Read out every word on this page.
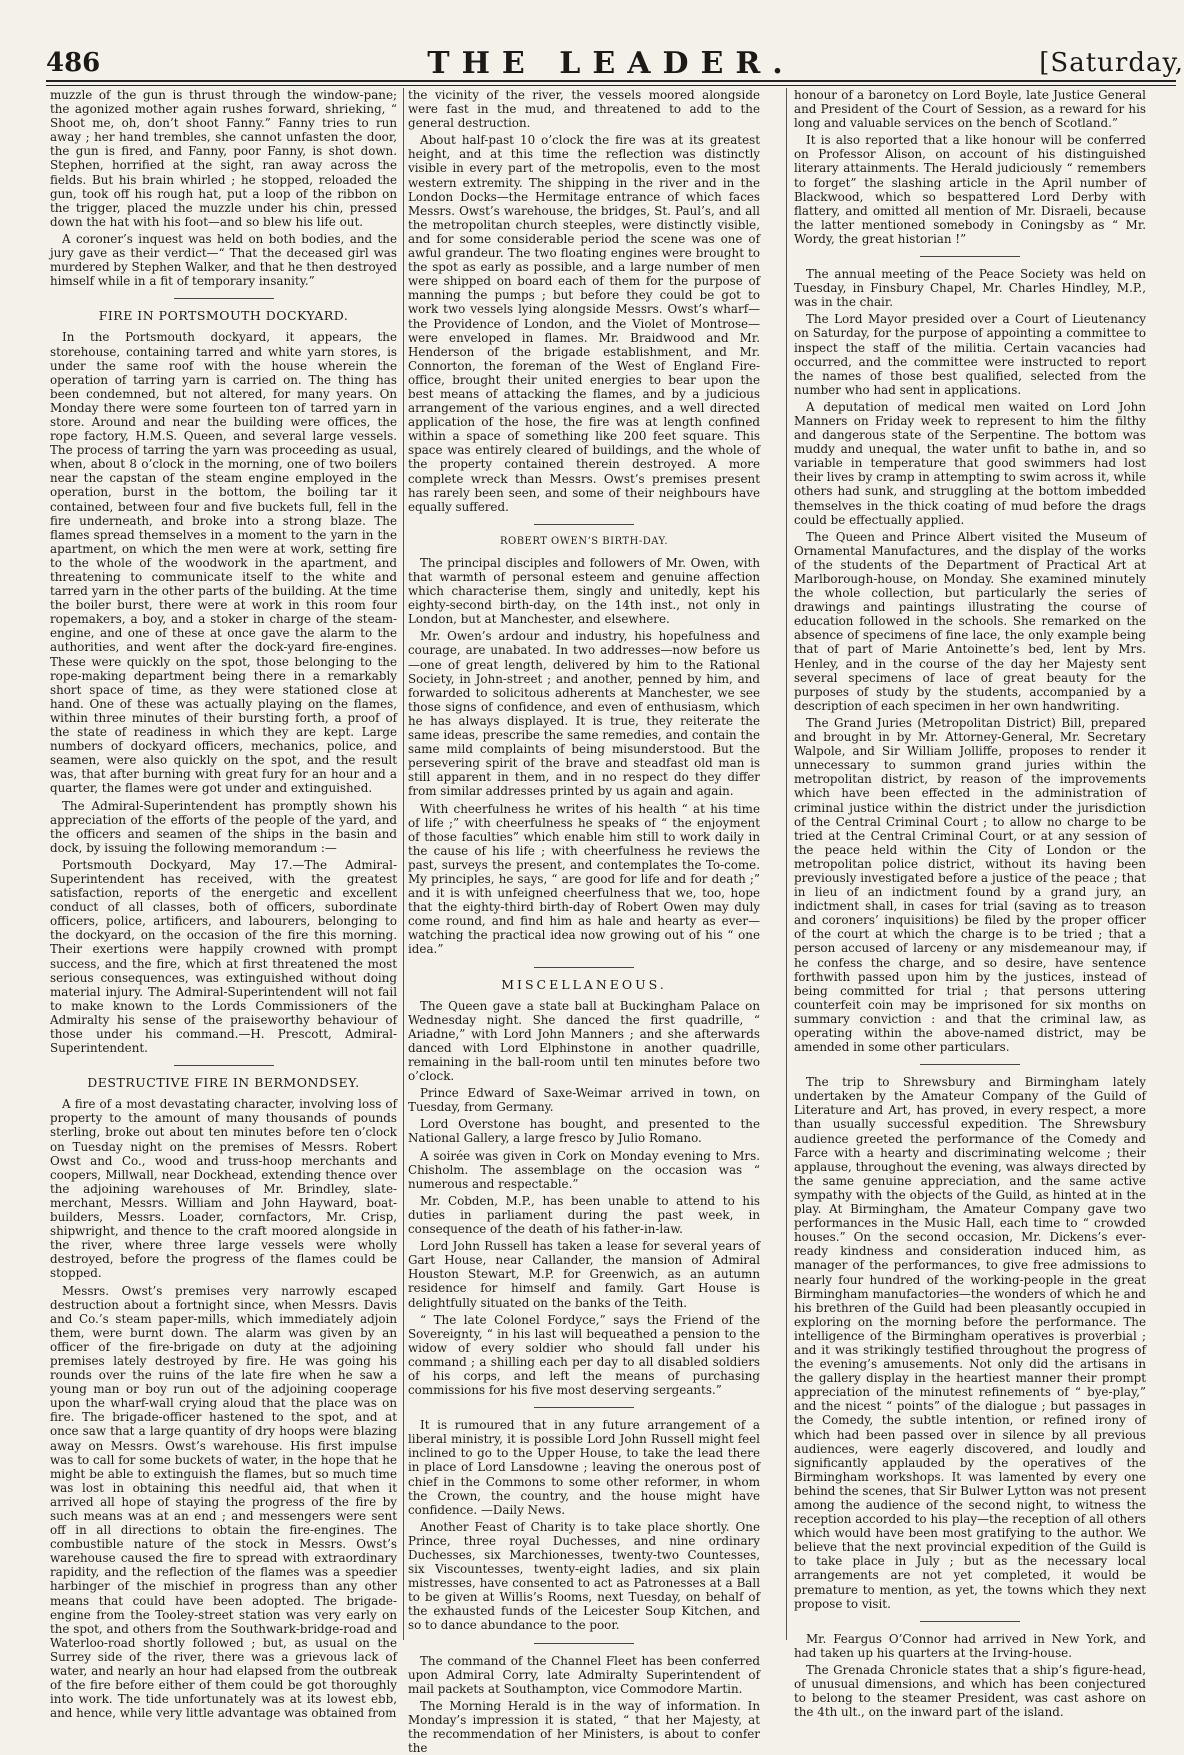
486	THE LEADER.	[Saturday,

muzzle of the gun is thrust through the window-pane; the agonized mother again rushes forward, shrieking, “ Shoot me, oh, don’t shoot Fanny.” Fanny tries to run away ; her hand trembles, she cannot unfasten the door, the gun is fired, and Fanny, poor Fanny, is shot down. Stephen, horrified at the sight, ran away across the fields. But his brain whirled ; he stopped, reloaded the gun, took off his rough hat, put a loop of the ribbon on the trigger, placed the muzzle under his chin, pressed down the hat with his foot—and so blew his life out.

A coroner’s inquest was held on both bodies, and the jury gave as their verdict—“ That the deceased girl was murdered by Stephen Walker, and that he then destroyed himself while in a fit of temporary insanity.”

FIRE IN PORTSMOUTH DOCKYARD.

In the Portsmouth dockyard, it appears, the storehouse, containing tarred and white yarn stores, is under the same roof with the house wherein the operation of tarring yarn is carried on. The thing has been condemned, but not altered, for many years. On Monday there were some fourteen ton of tarred yarn in store. Around and near the building were offices, the rope factory, H.M.S. Queen, and several large vessels. The process of tarring the yarn was proceeding as usual, when, about 8 o’clock in the morning, one of two boilers near the capstan of the steam engine employed in the operation, burst in the bottom, the boiling tar it contained, between four and five buckets full, fell in the fire underneath, and broke into a strong blaze. The flames spread themselves in a moment to the yarn in the apartment, on which the men were at work, setting fire to the whole of the woodwork in the apartment, and threatening to communicate itself to the white and tarred yarn in the other parts of the building. At the time the boiler burst, there were at work in this room four ropemakers, a boy, and a stoker in charge of the steam-engine, and one of these at once gave the alarm to the authorities, and went after the dock-yard fire-engines. These were quickly on the spot, those belonging to the rope-making department being there in a remarkably short space of time, as they were stationed close at hand. One of these was actually playing on the flames, within three minutes of their bursting forth, a proof of the state of readiness in which they are kept. Large numbers of dockyard officers, mechanics, police, and seamen, were also quickly on the spot, and the result was, that after burning with great fury for an hour and a quarter, the flames were got under and extinguished.

The Admiral-Superintendent has promptly shown his appreciation of the efforts of the people of the yard, and the officers and seamen of the ships in the basin and dock, by issuing the following memorandum :—

Portsmouth Dockyard, May 17.—The Admiral-Superintendent has received, with the greatest satisfaction, reports of the energetic and excellent conduct of all classes, both of officers, subordinate officers, police, artificers, and labourers, belonging to the dockyard, on the occasion of the fire this morning. Their exertions were happily crowned with prompt success, and the fire, which at first threatened the most serious consequences, was extinguished without doing material injury. The Admiral-Superintendent will not fail to make known to the Lords Commissioners of the Admiralty his sense of the praiseworthy behaviour of those under his command.—H. Prescott, Admiral-Superintendent.

DESTRUCTIVE FIRE IN BERMONDSEY.

A fire of a most devastating character, involving loss of property to the amount of many thousands of pounds sterling, broke out about ten minutes before ten o’clock on Tuesday night on the premises of Messrs. Robert Owst and Co., wood and truss-hoop merchants and coopers, Millwall, near Dockhead, extending thence over the adjoining warehouses of Mr. Brindley, slate-merchant, Messrs. William and John Hayward, boat-builders, Messrs. Loader, cornfactors, Mr. Crisp, shipwright, and thence to the craft moored alongside in the river, where three large vessels were wholly destroyed, before the progress of the flames could be stopped.

Messrs. Owst’s premises very narrowly escaped destruction about a fortnight since, when Messrs. Davis and Co.’s steam paper-mills, which immediately adjoin them, were burnt down. The alarm was given by an officer of the fire-brigade on duty at the adjoining premises lately destroyed by fire. He was going his rounds over the ruins of the late fire when he saw a young man or boy run out of the adjoining cooperage upon the wharf-wall crying aloud that the place was on fire. The brigade-officer hastened to the spot, and at once saw that a large quantity of dry hoops were blazing away on Messrs. Owst’s warehouse. His first impulse was to call for some buckets of water, in the hope that he might be able to extinguish the flames, but so much time was lost in obtaining this needful aid, that when it arrived all hope of staying the progress of the fire by such means was at an end ; and messengers were sent off in all directions to obtain the fire-engines. The combustible nature of the stock in Messrs. Owst’s warehouse caused the fire to spread with extraordinary rapidity, and the reflection of the flames was a speedier harbinger of the mischief in progress than any other means that could have been adopted. The brigade-engine from the Tooley-street station was very early on the spot, and others from the Southwark-bridge-road and Waterloo-road shortly followed ; but, as usual on the Surrey side of the river, there was a grievous lack of water, and nearly an hour had elapsed from the outbreak of the fire before either of them could be got thoroughly into work. The tide unfortunately was at its lowest ebb, and hence, while very little advantage was obtained from

the vicinity of the river, the vessels moored alongside were fast in the mud, and threatened to add to the general destruction.

About half-past 10 o’clock the fire was at its greatest height, and at this time the reflection was distinctly visible in every part of the metropolis, even to the most western extremity. The shipping in the river and in the London Docks—the Hermitage entrance of which faces Messrs. Owst’s warehouse, the bridges, St. Paul’s, and all the metropolitan church steeples, were distinctly visible, and for some considerable period the scene was one of awful grandeur. The two floating engines were brought to the spot as early as possible, and a large number of men were shipped on board each of them for the purpose of manning the pumps ; but before they could be got to work two vessels lying alongside Messrs. Owst’s wharf—the Providence of London, and the Violet of Montrose—were enveloped in flames. Mr. Braidwood and Mr. Henderson of the brigade establishment, and Mr. Connorton, the foreman of the West of England Fire-office, brought their united energies to bear upon the best means of attacking the flames, and by a judicious arrangement of the various engines, and a well directed application of the hose, the fire was at length confined within a space of something like 200 feet square. This space was entirely cleared of buildings, and the whole of the property contained therein destroyed. A more complete wreck than Messrs. Owst’s premises present has rarely been seen, and some of their neighbours have equally suffered.

ROBERT OWEN’S BIRTH-DAY.

The principal disciples and followers of Mr. Owen, with that warmth of personal esteem and genuine affection which characterise them, singly and unitedly, kept his eighty-second birth-day, on the 14th inst., not only in London, but at Manchester, and elsewhere.

Mr. Owen’s ardour and industry, his hopefulness and courage, are unabated. In two addresses—now before us—one of great length, delivered by him to the Rational Society, in John-street ; and another, penned by him, and forwarded to solicitous adherents at Manchester, we see those signs of confidence, and even of enthusiasm, which he has always displayed. It is true, they reiterate the same ideas, prescribe the same remedies, and contain the same mild complaints of being misunderstood. But the persevering spirit of the brave and steadfast old man is still apparent in them, and in no respect do they differ from similar addresses printed by us again and again.

With cheerfulness he writes of his health “ at his time of life ;” with cheerfulness he speaks of “ the enjoyment of those faculties” which enable him still to work daily in the cause of his life ; with cheerfulness he reviews the past, surveys the present, and contemplates the To-come. My principles, he says, “ are good for life and for death ;” and it is with unfeigned cheerfulness that we, too, hope that the eighty-third birth-day of Robert Owen may duly come round, and find him as hale and hearty as ever—watching the practical idea now growing out of his “ one idea.”

MISCELLANEOUS.

The Queen gave a state ball at Buckingham Palace on Wednesday night. She danced the first quadrille, “ Ariadne,” with Lord John Manners ; and she afterwards danced with Lord Elphinstone in another quadrille, remaining in the ball-room until ten minutes before two o’clock.

Prince Edward of Saxe-Weimar arrived in town, on Tuesday, from Germany.

Lord Overstone has bought, and presented to the National Gallery, a large fresco by Julio Romano.

A soirée was given in Cork on Monday evening to Mrs. Chisholm. The assemblage on the occasion was “ numerous and respectable.”

Mr. Cobden, M.P., has been unable to attend to his duties in parliament during the past week, in consequence of the death of his father-in-law.

Lord John Russell has taken a lease for several years of Gart House, near Callander, the mansion of Admiral Houston Stewart, M.P. for Greenwich, as an autumn residence for himself and family. Gart House is delightfully situated on the banks of the Teith.

“ The late Colonel Fordyce,” says the Friend of the Sovereignty, “ in his last will bequeathed a pension to the widow of every soldier who should fall under his command ; a shilling each per day to all disabled soldiers of his corps, and left the means of purchasing commissions for his five most deserving sergeants.”

It is rumoured that in any future arrangement of a liberal ministry, it is possible Lord John Russell might feel inclined to go to the Upper House, to take the lead there in place of Lord Lansdowne ; leaving the onerous post of chief in the Commons to some other reformer, in whom the Crown, the country, and the house might have confidence. —Daily News.

Another Feast of Charity is to take place shortly. One Prince, three royal Duchesses, and nine ordinary Duchesses, six Marchionesses, twenty-two Countesses, six Viscountesses, twenty-eight ladies, and six plain mistresses, have consented to act as Patronesses at a Ball to be given at Willis’s Rooms, next Tuesday, on behalf of the exhausted funds of the Leicester Soup Kitchen, and so to dance abundance to the poor.

The command of the Channel Fleet has been conferred upon Admiral Corry, late Admiralty Superintendent of mail packets at Southampton, vice Commodore Martin.

The Morning Herald is in the way of information. In Monday’s impression it is stated, “ that her Majesty, at the recommendation of her Ministers, is about to confer the

honour of a baronetcy on Lord Boyle, late Justice General and President of the Court of Session, as a reward for his long and valuable services on the bench of Scotland.”

It is also reported that a like honour will be conferred on Professor Alison, on account of his distinguished literary attainments. The Herald judiciously “ remembers to forget” the slashing article in the April number of Blackwood, which so bespattered Lord Derby with flattery, and omitted all mention of Mr. Disraeli, because the latter mentioned somebody in Coningsby as “ Mr. Wordy, the great historian !”

The annual meeting of the Peace Society was held on Tuesday, in Finsbury Chapel, Mr. Charles Hindley, M.P., was in the chair.

The Lord Mayor presided over a Court of Lieutenancy on Saturday, for the purpose of appointing a committee to inspect the staff of the militia. Certain vacancies had occurred, and the committee were instructed to report the names of those best qualified, selected from the number who had sent in applications.

A deputation of medical men waited on Lord John Manners on Friday week to represent to him the filthy and dangerous state of the Serpentine. The bottom was muddy and unequal, the water unfit to bathe in, and so variable in temperature that good swimmers had lost their lives by cramp in attempting to swim across it, while others had sunk, and struggling at the bottom imbedded themselves in the thick coating of mud before the drags could be effectually applied.

The Queen and Prince Albert visited the Museum of Ornamental Manufactures, and the display of the works of the students of the Department of Practical Art at Marlborough-house, on Monday. She examined minutely the whole collection, but particularly the series of drawings and paintings illustrating the course of education followed in the schools. She remarked on the absence of specimens of fine lace, the only example being that of part of Marie Antoinette’s bed, lent by Mrs. Henley, and in the course of the day her Majesty sent several specimens of lace of great beauty for the purposes of study by the students, accompanied by a description of each specimen in her own handwriting.

The Grand Juries (Metropolitan District) Bill, prepared and brought in by Mr. Attorney-General, Mr. Secretary Walpole, and Sir William Jolliffe, proposes to render it unnecessary to summon grand juries within the metropolitan district, by reason of the improvements which have been effected in the administration of criminal justice within the district under the jurisdiction of the Central Criminal Court ; to allow no charge to be tried at the Central Criminal Court, or at any session of the peace held within the City of London or the metropolitan police district, without its having been previously investigated before a justice of the peace ; that in lieu of an indictment found by a grand jury, an indictment shall, in cases for trial (saving as to treason and coroners’ inquisitions) be filed by the proper officer of the court at which the charge is to be tried ; that a person accused of larceny or any misdemeanour may, if he confess the charge, and so desire, have sentence forthwith passed upon him by the justices, instead of being committed for trial ; that persons uttering counterfeit coin may be imprisoned for six months on summary conviction : and that the criminal law, as operating within the above-named district, may be amended in some other particulars.

The trip to Shrewsbury and Birmingham lately undertaken by the Amateur Company of the Guild of Literature and Art, has proved, in every respect, a more than usually successful expedition. The Shrewsbury audience greeted the performance of the Comedy and Farce with a hearty and discriminating welcome ; their applause, throughout the evening, was always directed by the same genuine appreciation, and the same active sympathy with the objects of the Guild, as hinted at in the play. At Birmingham, the Amateur Company gave two performances in the Music Hall, each time to “ crowded houses.” On the second occasion, Mr. Dickens’s ever-ready kindness and consideration induced him, as manager of the performances, to give free admissions to nearly four hundred of the working-people in the great Birmingham manufactories—the wonders of which he and his brethren of the Guild had been pleasantly occupied in exploring on the morning before the performance. The intelligence of the Birmingham operatives is proverbial ; and it was strikingly testified throughout the progress of the evening’s amusements. Not only did the artisans in the gallery display in the heartiest manner their prompt appreciation of the minutest refinements of “ bye-play,” and the nicest “ points” of the dialogue ; but passages in the Comedy, the subtle intention, or refined irony of which had been passed over in silence by all previous audiences, were eagerly discovered, and loudly and significantly applauded by the operatives of the Birmingham workshops. It was lamented by every one behind the scenes, that Sir Bulwer Lytton was not present among the audience of the second night, to witness the reception accorded to his play—the reception of all others which would have been most gratifying to the author. We believe that the next provincial expedition of the Guild is to take place in July ; but as the necessary local arrangements are not yet completed, it would be premature to mention, as yet, the towns which they next propose to visit.

Mr. Feargus O’Connor had arrived in New York, and had taken up his quarters at the Irving-house.

The Grenada Chronicle states that a ship’s figure-head, of unusual dimensions, and which has been conjectured to belong to the steamer President, was cast ashore on the 4th ult., on the inward part of the island.
